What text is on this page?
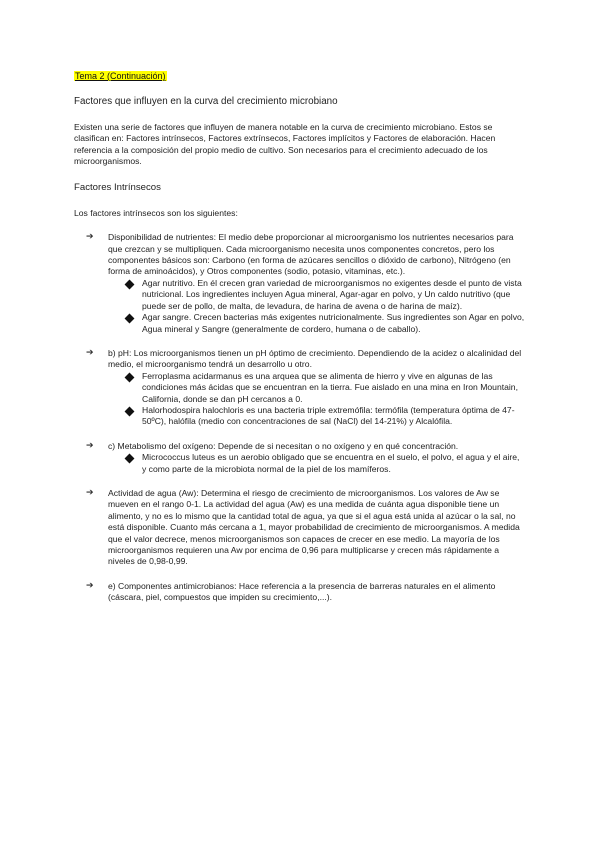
Tema 2 (Continuación)
Factores que influyen en la curva del crecimiento microbiano
Existen una serie de factores que influyen de manera notable en la curva de crecimiento microbiano. Estos se clasifican en: Factores intrínsecos, Factores extrínsecos, Factores implícitos y Factores de elaboración. Hacen referencia a la composición del propio medio de cultivo. Son necesarios para el crecimiento adecuado de los microorganismos.
Factores Intrínsecos
Los factores intrínsecos son los siguientes:
➔	Disponibilidad de nutrientes: El medio debe proporcionar al microorganismo los nutrientes necesarios para que crezcan y se multipliquen. Cada microorganismo necesita unos componentes concretos, pero los componentes básicos son: Carbono (en forma de azúcares sencillos o dióxido de carbono), Nitrógeno (en forma de aminoácidos), y Otros componentes (sodio, potasio, vitaminas, etc.).
Agar nutritivo. En él crecen gran variedad de microorganismos no exigentes desde el punto de vista nutricional. Los ingredientes incluyen Agua mineral, Agar-agar en polvo, y Un caldo nutritivo (que puede ser de pollo, de malta, de levadura, de harina de avena o de harina de maíz).
Agar sangre. Crecen bacterias más exigentes nutricionalmente. Sus ingredientes son Agar en polvo, Agua mineral y Sangre (generalmente de cordero, humana o de caballo).
➔	b) pH: Los microorganismos tienen un pH óptimo de crecimiento. Dependiendo de la acidez o alcalinidad del medio, el microorganismo tendrá un desarrollo u otro.
Ferroplasma acidarmanus es una arquea que se alimenta de hierro y vive en algunas de las condiciones más ácidas que se encuentran en la tierra. Fue aislado en una mina en Iron Mountain, California, donde se dan pH cercanos a 0.
Halorhodospira halochloris es una bacteria triple extremófila: termófila (temperatura óptima de 47-50ºC), halófila (medio con concentraciones de sal (NaCl) del 14-21%) y Alcalófila.
➔	c) Metabolismo del oxígeno: Depende de si necesitan o no oxígeno y en qué concentración.
Micrococcus luteus es un aerobio obligado que se encuentra en el suelo, el polvo, el agua y el aire, y como parte de la microbiota normal de la piel de los mamíferos.
➔	Actividad de agua (Aw): Determina el riesgo de crecimiento de microorganismos. Los valores de Aw se mueven en el rango 0-1. La actividad del agua (Aw) es una medida de cuánta agua disponible tiene un alimento, y no es lo mismo que la cantidad total de agua, ya que si el agua está unida al azúcar o la sal, no está disponible. Cuanto más cercana a 1, mayor probabilidad de crecimiento de microorganismos. A medida que el valor decrece, menos microorganismos son capaces de crecer en ese medio. La mayoría de los microorganismos requieren una Aw por encima de 0,96 para multiplicarse y crecen más rápidamente a niveles de 0,98-0,99.
➔	e) Componentes antimicrobianos: Hace referencia a la presencia de barreras naturales en el alimento (cáscara, piel, compuestos que impiden su crecimiento,...).
